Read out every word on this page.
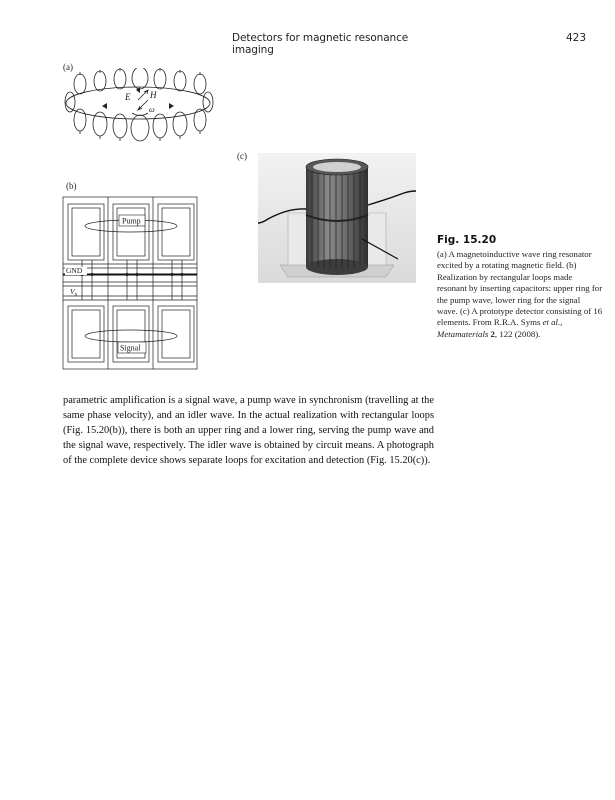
Detectors for magnetic resonance imaging
423
(a)
E H
ω
(b)
Pump
GND
$V_b$
Signal
(c)
Fig. 15.20
(a) A magnetoinductive wave ring resonator excited by a rotating magnetic field. (b) Realization by rectangular loops made resonant by inserting capacitors: upper ring for the pump wave, lower ring for the signal wave. (c) A prototype detector consisting of 16 elements. From R.R.A. Syms et al., Metamaterials 2, 122 (2008).

parametric amplification is a signal wave, a pump wave in synchronism (travelling at the same phase velocity), and an idler wave. In the actual realization with rectangular loops (Fig. 15.20(b)), there is both an upper ring and a lower ring, serving the pump wave and the signal wave, respectively. The idler wave is obtained by circuit means. A photograph of the complete device shows separate loops for excitation and detection (Fig. 15.20(c)).
